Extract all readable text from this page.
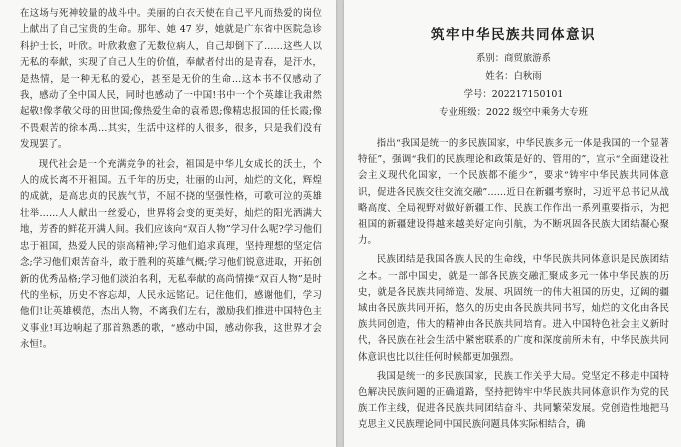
在这场与死神较量的战斗中。美丽的白衣天使在自己平凡而热爱的岗位上献出了自己宝贵的生命。那年、她 47 岁，她就是广东省中医院急诊科护士长，叶欣。叶欣救愈了无数位病人，自己却倒下了……这些人以无私的奉献，实现了自己人生的价值，奉献者付出的是青春，是汗水，是热情，是一种无私的爱心，甚至是无价的生命…这本书不仅感动了我，感动了全中国人民，同时也感动了一中国!书中一个个英雄让我肃然起敬!像孝敬父母的田世国;像热爱生命的袁希恩;像精忠报国的任长霞;像不畏艰苦的徐本禹…其实，生活中这样的人很多，很多，只是我们没有发现罢了。

现代社会是一个充满竞争的社会，祖国是中华儿女成长的沃土，个人的成长离不开祖国。五千年的历史，壮丽的山河，灿烂的文化，辉煌的成就，是高忠贞的民族气节，不屈不挠的坚强性格，可歌可泣的英雄壮举……人人献出一丝爱心，世界将会变的更美好，灿烂的阳光洒满大地，芳香的鲜花开满人间。我们应该向“双百人物”学习什么呢?学习他们忠于祖国，热爱人民的崇高精神;学习他们追求真理，坚持理想的坚定信念;学习他们艰苦奋斗，敢于胜利的英雄气概;学习他们锐意进取，开拓创新的优秀品格;学习他们淡泊名利，无私奉献的高尚情操“双百人物”是时代的坐标，历史不容忘却，人民永远铭记。记住他们，感谢他们，学习他们!让英雄模范，杰出人物，不离我们左右，激励我们推进中国特色主义事业!耳边响起了那首熟悉的歌，“感动中国，感动你我，这世界才会永恒!。

筑牢中华民族共同体意识

系别：商贸旅游系

姓名：白秋雨

学号：202217150101

专业班级：2022 级空中乘务大专班

指出“我国是统一的多民族国家，中华民族多元一体是我国的一个显著特征”，强调“我们的民族理论和政策是好的、管用的”，宣示“全面建设社会主义现代化国家，一个民族都不能少”，要求“铸牢中华民族共同体意识，促进各民族交往交流交融”……近日在新疆考察时，习近平总书记从战略高度、全局视野对做好新疆工作、民族工作作出一系列重要指示，为把祖国的新疆建设得越来越美好定向引航，为不断巩固各民族大团结凝心聚力。

民族团结是我国各族人民的生命线，中华民族共同体意识是民族团结之本。一部中国史，就是一部各民族交融汇聚成多元一体中华民族的历史，就是各民族共同缔造、发展、巩固统一的伟大祖国的历史，辽阔的疆域由各民族共同开拓，悠久的历史由各民族共同书写，灿烂的文化由各民族共同创造，伟大的精神由各民族共同培育。进入中国特色社会主义新时代，各民族在社会生活中紧密联系的广度和深度前所未有，中华民族共同体意识也比以往任何时候都更加强烈。

我国是统一的多民族国家，民族工作关乎大局。党坚定不移走中国特色解决民族问题的正确道路，坚持把铸牢中华民族共同体意识作为党的民族工作主线，促进各民族共同团结奋斗、共同繁荣发展。党创造性地把马克思主义民族理论同中国民族问题具体实际相结合，确
